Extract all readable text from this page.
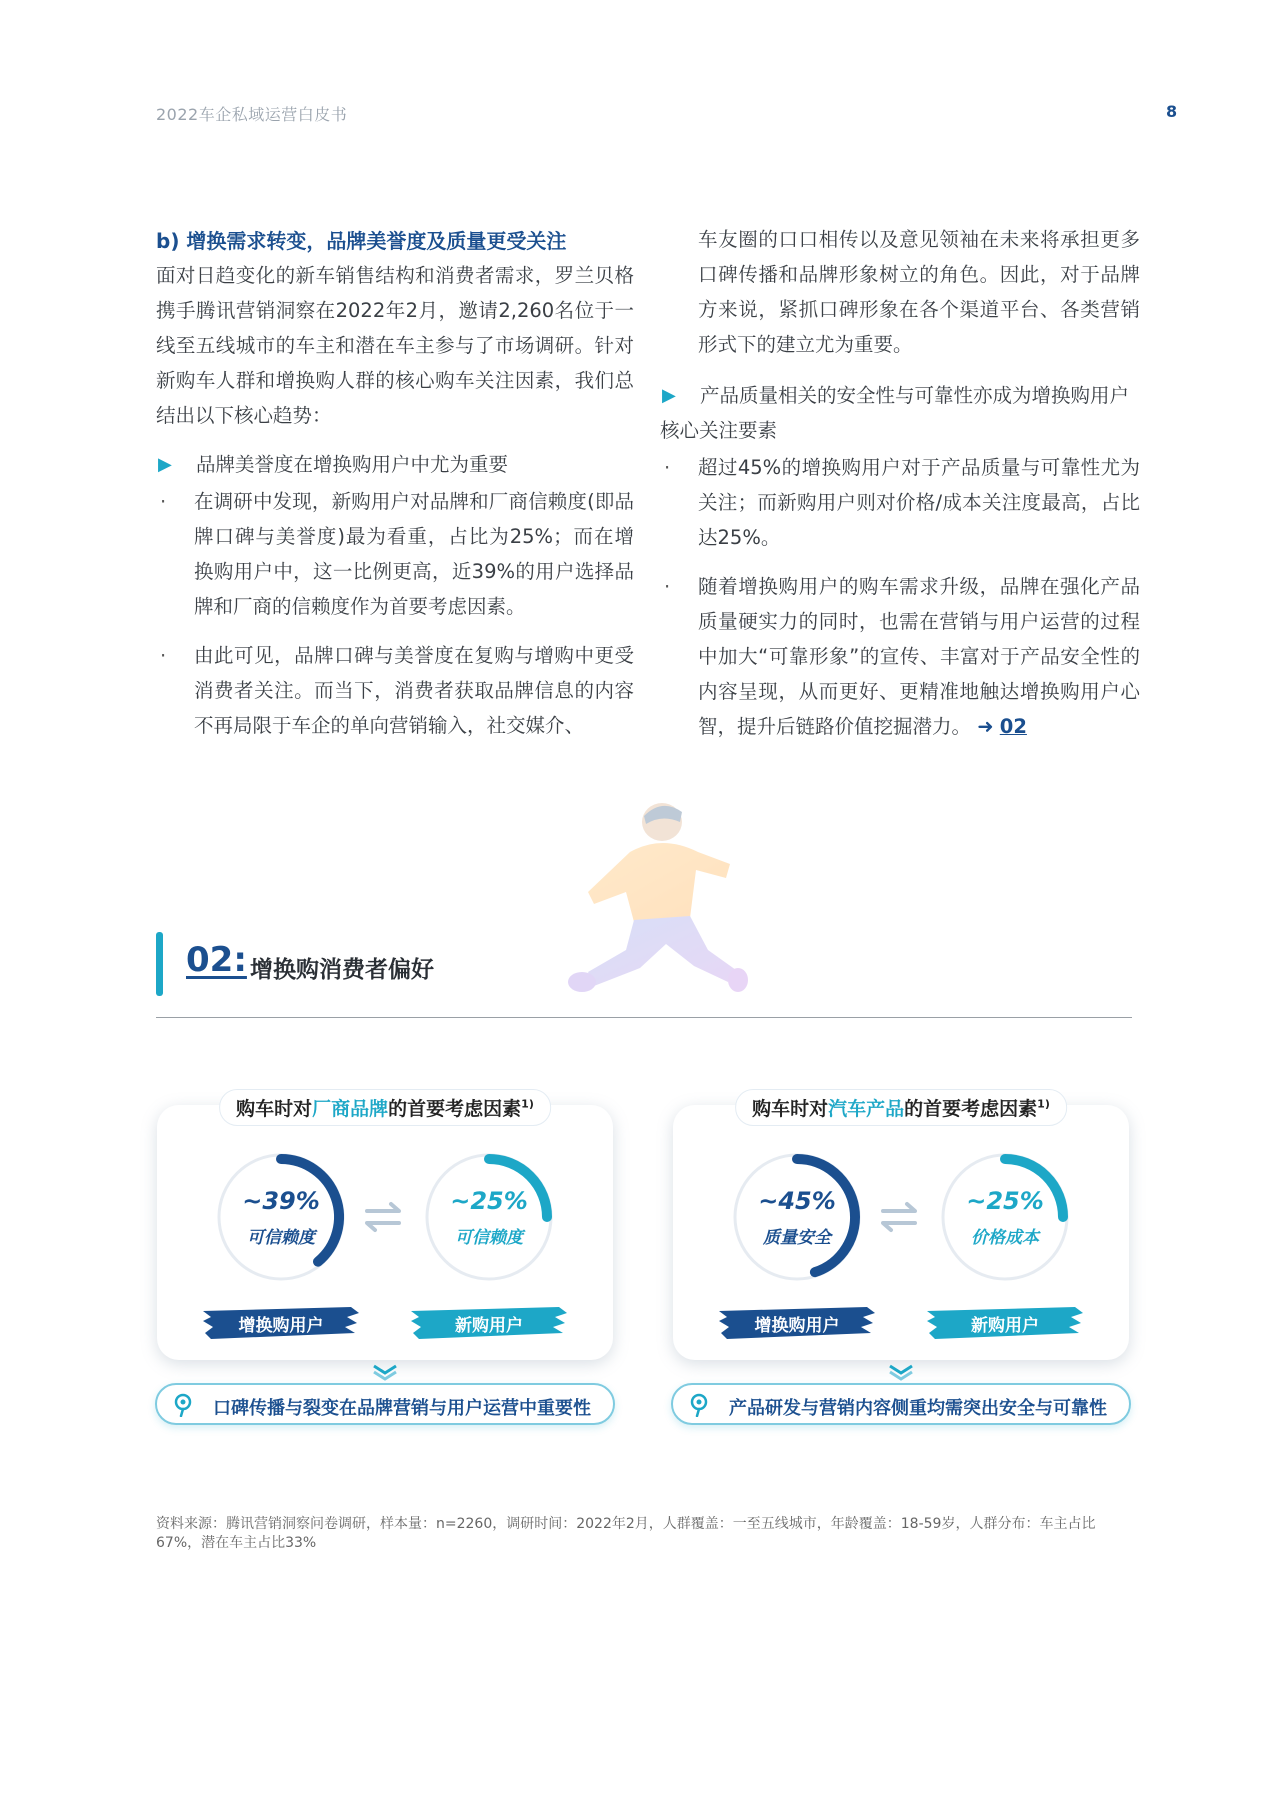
2022车企私域运营白皮书	8
b) 增换需求转变，品牌美誉度及质量更受关注
面对日趋变化的新车销售结构和消费者需求，罗兰贝格携手腾讯营销洞察在2022年2月，邀请2,260名位于一线至五线城市的车主和潜在车主参与了市场调研。针对新购车人群和增换购人群的核心购车关注因素，我们总结出以下核心趋势：
▶ 品牌美誉度在增换购用户中尤为重要
· 在调研中发现，新购用户对品牌和厂商信赖度(即品牌口碑与美誉度)最为看重，占比为25%；而在增换购用户中，这一比例更高，近39%的用户选择品牌和厂商的信赖度作为首要考虑因素。
· 由此可见，品牌口碑与美誉度在复购与增购中更受消费者关注。而当下，消费者获取品牌信息的内容不再局限于车企的单向营销输入，社交媒介、
车友圈的口口相传以及意见领袖在未来将承担更多口碑传播和品牌形象树立的角色。因此，对于品牌方来说，紧抓口碑形象在各个渠道平台、各类营销形式下的建立尤为重要。
▶ 产品质量相关的安全性与可靠性亦成为增换购用户核心关注要素
· 超过45%的增换购用户对于产品质量与可靠性尤为关注；而新购用户则对价格/成本关注度最高，占比达25%。
· 随着增换购用户的购车需求升级，品牌在强化产品质量硬实力的同时，也需在营销与用户运营的过程中加大“可靠形象”的宣传、丰富对于产品安全性的内容呈现，从而更好、更精准地触达增换购用户心智，提升后链路价值挖掘潜力。 ➜ 02
02: 增换购消费者偏好
购车时对厂商品牌的首要考虑因素$^{1)}$
~39%
可信赖度
~25%
可信赖度
增换购用户	新购用户
购车时对汽车产品的首要考虑因素$^{1)}$
~45%
质量安全
~25%
价格成本
增换购用户	新购用户
口碑传播与裂变在品牌营销与用户运营中重要性	产品研发与营销内容侧重均需突出安全与可靠性
资料来源：腾讯营销洞察问卷调研，样本量：n=2260，调研时间：2022年2月，人群覆盖：一至五线城市，年龄覆盖：18-59岁，人群分布：车主占比67%，潜在车主占比33%
